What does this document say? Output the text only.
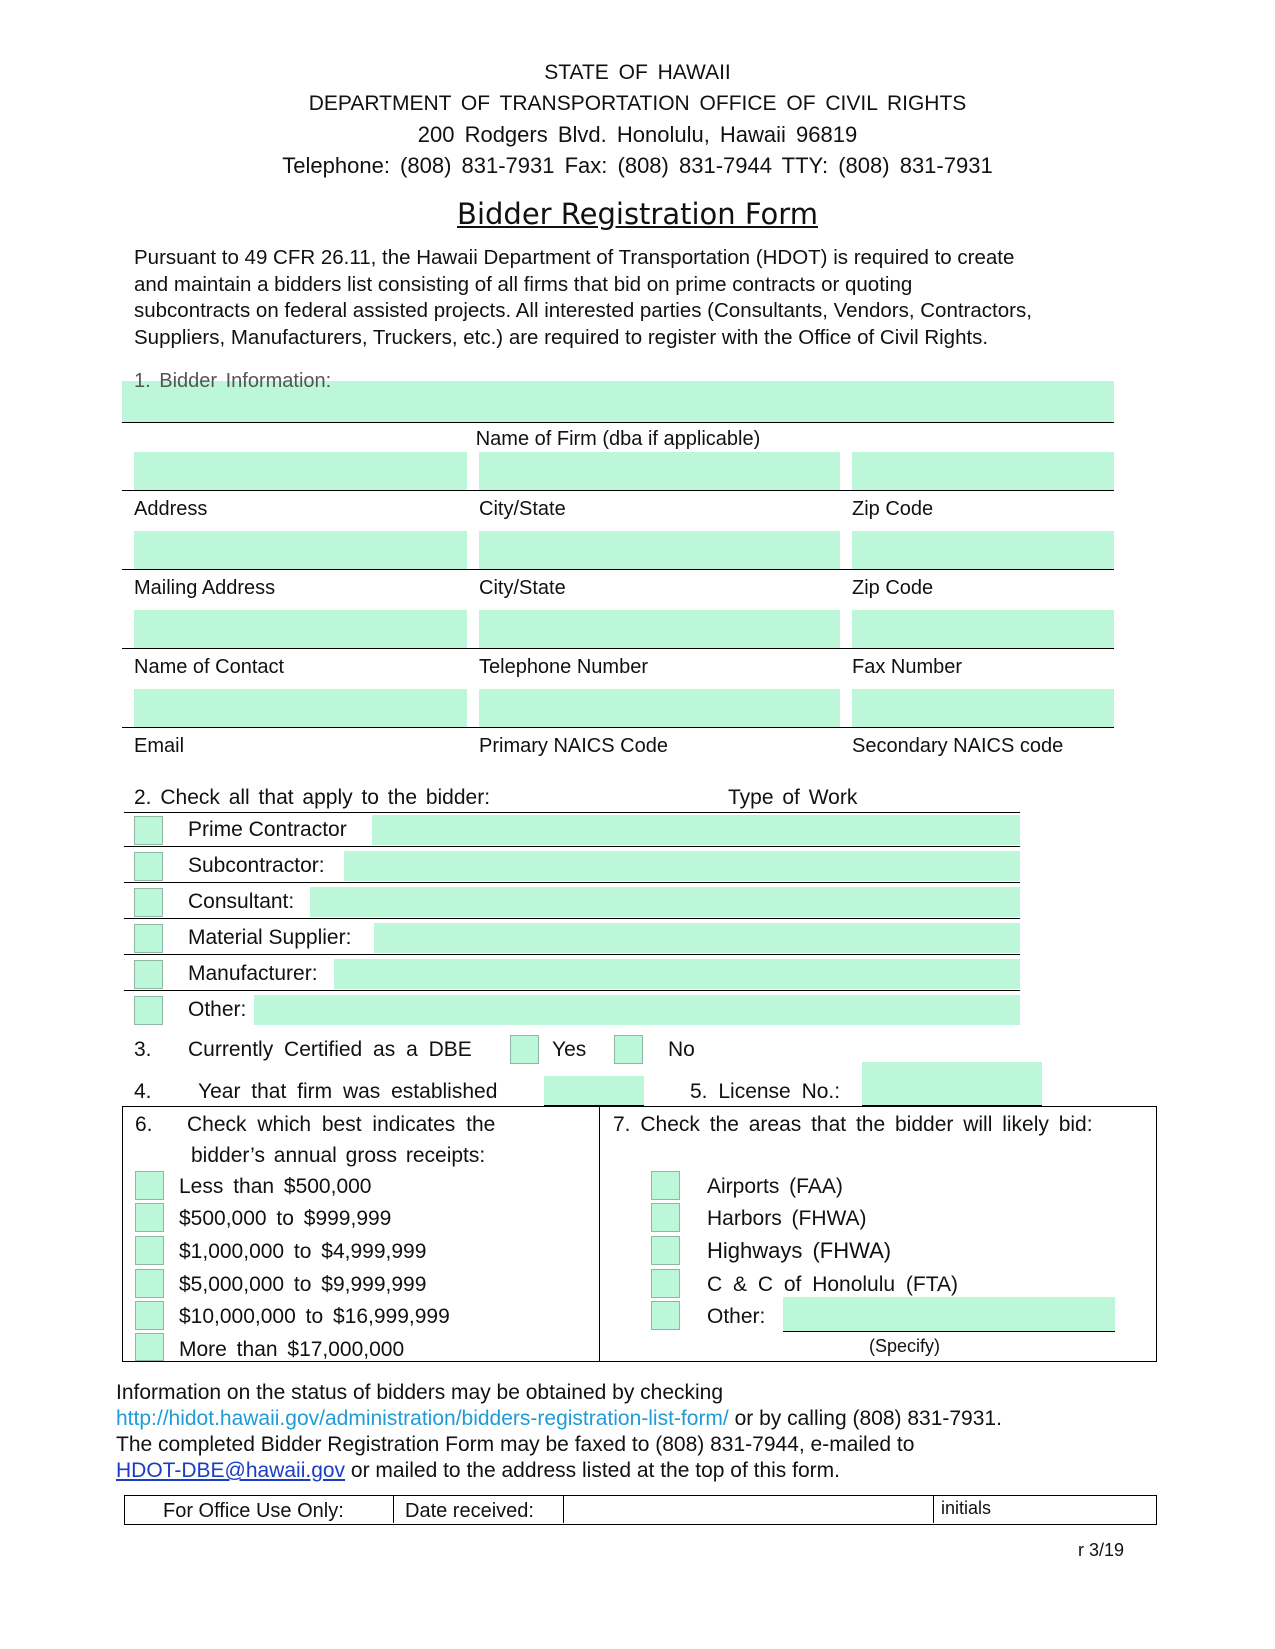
STATE OF HAWAII
DEPARTMENT OF TRANSPORTATION OFFICE OF CIVIL RIGHTS
200 Rodgers Blvd. Honolulu, Hawaii 96819
Telephone: (808) 831-7931 Fax: (808) 831-7944 TTY: (808) 831-7931
Bidder Registration Form
Pursuant to 49 CFR 26.11, the Hawaii Department of Transportation (HDOT) is required to create
and maintain a bidders list consisting of all firms that bid on prime contracts or quoting
subcontracts on federal assisted projects. All interested parties (Consultants, Vendors, Contractors,
Suppliers, Manufacturers, Truckers, etc.) are required to register with the Office of Civil Rights.
1. Bidder Information:
Name of Firm (dba if applicable)
Address	City/State	Zip Code
Mailing Address	City/State	Zip Code
Name of Contact	Telephone Number	Fax Number
Email	Primary NAICS Code	Secondary NAICS code
2. Check all that apply to the bidder:	Type of Work
Prime Contractor
Subcontractor:
Consultant:
Material Supplier:
Manufacturer:
Other:
3. Currently Certified as a DBE	Yes	No
4. Year that firm was established	5. License No.:
6. Check which best indicates the
bidder’s annual gross receipts:
Less than $500,000
$500,000 to $999,999
$1,000,000 to $4,999,999
$5,000,000 to $9,999,999
$10,000,000 to $16,999,999
More than $17,000,000
7. Check the areas that the bidder will likely bid:
Airports (FAA)
Harbors (FHWA)
Highways (FHWA)
C & C of Honolulu (FTA)
Other:
(Specify)
Information on the status of bidders may be obtained by checking
http://hidot.hawaii.gov/administration/bidders-registration-list-form/ or by calling (808) 831-7931.
The completed Bidder Registration Form may be faxed to (808) 831-7944, e-mailed to
HDOT-DBE@hawaii.gov or mailed to the address listed at the top of this form.
For Office Use Only:	Date received:	initials
r 3/19
